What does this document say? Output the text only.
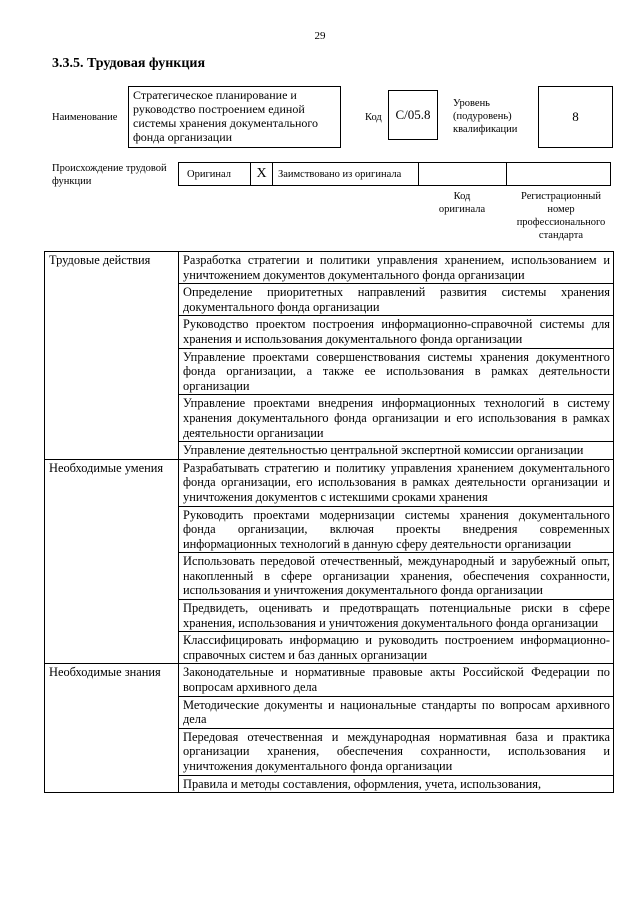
29
3.3.5. Трудовая функция
Наименование
Стратегическое планирование и руководство построением единой системы хранения документального фонда организации
Код С/05.8
Уровень
(подуровень)
квалификации
8
Происхождение трудовой
функции
Оригинал X Заимствовано из оригинала
Код
оригинала
Регистрационный
номер
профессионального
стандарта
Трудовые действия	Разработка стратегии и политики управления хранением, использованием и уничтожением документов документального фонда организации
	Определение приоритетных направлений развития системы хранения документального фонда организации
	Руководство проектом построения информационно-справочной системы для хранения и использования документального фонда организации
	Управление проектами совершенствования системы хранения документного фонда организации, а также ее использования в рамках деятельности организации
	Управление проектами внедрения информационных технологий в систему хранения документального фонда организации и его использования в рамках деятельности организации
	Управление деятельностью центральной экспертной комиссии организации
Необходимые умения	Разрабатывать стратегию и политику управления хранением документального фонда организации, его использования в рамках деятельности организации и уничтожения документов с истекшими сроками хранения
	Руководить проектами модернизации системы хранения документального фонда организации, включая проекты внедрения современных информационных технологий в данную сферу деятельности организации
	Использовать передовой отечественный, международный и зарубежный опыт, накопленный в сфере организации хранения, обеспечения сохранности, использования и уничтожения документального фонда организации
	Предвидеть, оценивать и предотвращать потенциальные риски в сфере хранения, использования и уничтожения документального фонда организации
	Классифицировать информацию и руководить построением информационно-справочных систем и баз данных организации
Необходимые знания	Законодательные и нормативные правовые акты Российской Федерации по вопросам архивного дела
	Методические документы и национальные стандарты по вопросам архивного дела
	Передовая отечественная и международная нормативная база и практика организации хранения, обеспечения сохранности, использования и уничтожения документального фонда организации
	Правила и методы составления, оформления, учета, использования,
